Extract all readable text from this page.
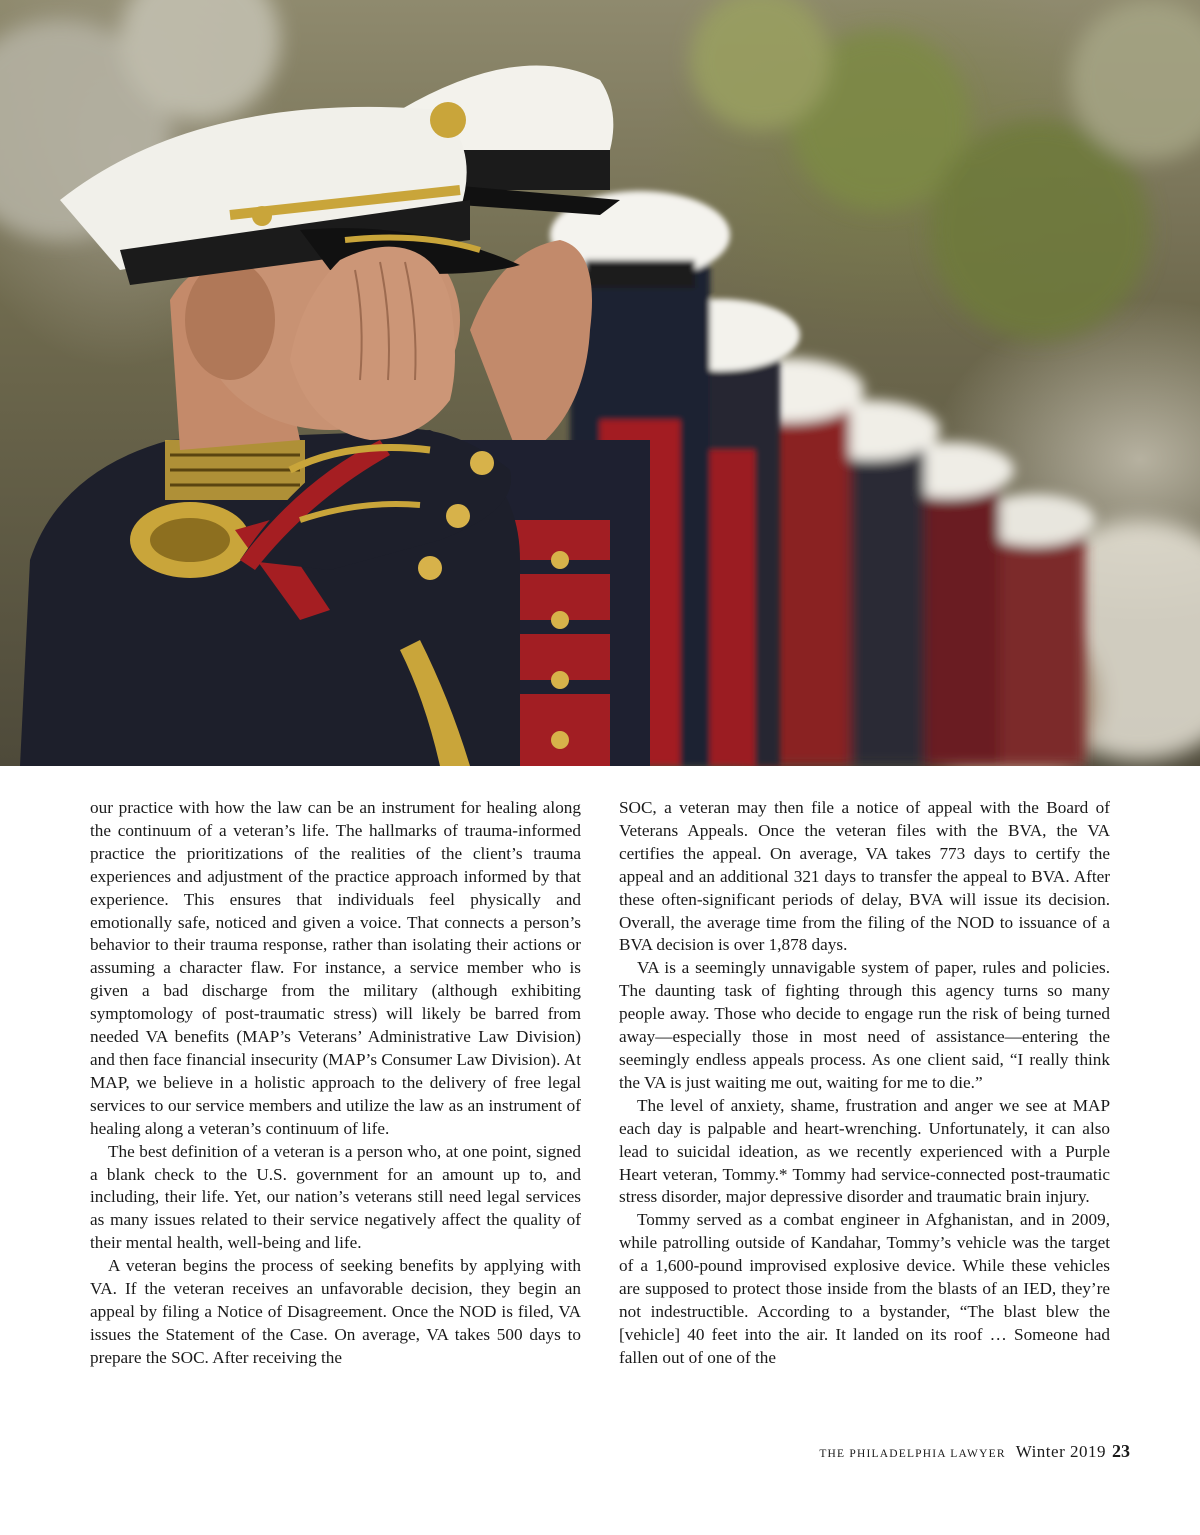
our practice with how the law can be an instrument for healing along the continuum of a veteran’s life. The hallmarks of trauma-informed practice the prioritizations of the realities of the client’s trauma experiences and adjustment of the practice approach informed by that experience. This ensures that individuals feel physically and emotionally safe, noticed and given a voice. That connects a person’s behavior to their trauma response, rather than isolating their actions or assuming a character flaw. For instance, a service member who is given a bad discharge from the military (although exhibiting symptomology of post-traumatic stress) will likely be barred from needed VA benefits (MAP’s Veterans’ Administrative Law Division) and then face financial insecurity (MAP’s Consumer Law Division). At MAP, we believe in a holistic approach to the delivery of free legal services to our service members and utilize the law as an instrument of healing along a veteran’s continuum of life.

The best definition of a veteran is a person who, at one point, signed a blank check to the U.S. government for an amount up to, and including, their life. Yet, our nation’s veterans still need legal services as many issues related to their service negatively affect the quality of their mental health, well-being and life.

A veteran begins the process of seeking benefits by applying with VA. If the veteran receives an unfavorable decision, they begin an appeal by filing a Notice of Disagreement. Once the NOD is filed, VA issues the Statement of the Case. On average, VA takes 500 days to prepare the SOC. After receiving the

SOC, a veteran may then file a notice of appeal with the Board of Veterans Appeals. Once the veteran files with the BVA, the VA certifies the appeal. On average, VA takes 773 days to certify the appeal and an additional 321 days to transfer the appeal to BVA. After these often-significant periods of delay, BVA will issue its decision. Overall, the average time from the filing of the NOD to issuance of a BVA decision is over 1,878 days.

VA is a seemingly unnavigable system of paper, rules and policies. The daunting task of fighting through this agency turns so many people away. Those who decide to engage run the risk of being turned away—especially those in most need of assistance—entering the seemingly endless appeals process. As one client said, “I really think the VA is just waiting me out, waiting for me to die.”

The level of anxiety, shame, frustration and anger we see at MAP each day is palpable and heart-wrenching. Unfortunately, it can also lead to suicidal ideation, as we recently experienced with a Purple Heart veteran, Tommy.* Tommy had service-connected post-traumatic stress disorder, major depressive disorder and traumatic brain injury.

Tommy served as a combat engineer in Afghanistan, and in 2009, while patrolling outside of Kandahar, Tommy’s vehicle was the target of a 1,600-pound improvised explosive device. While these vehicles are supposed to protect those inside from the blasts of an IED, they’re not indestructible. According to a bystander, “The blast blew the [vehicle] 40 feet into the air. It landed on its roof … Someone had fallen out of one of the

THE PHILADELPHIA LAWYER Winter 2019 23
